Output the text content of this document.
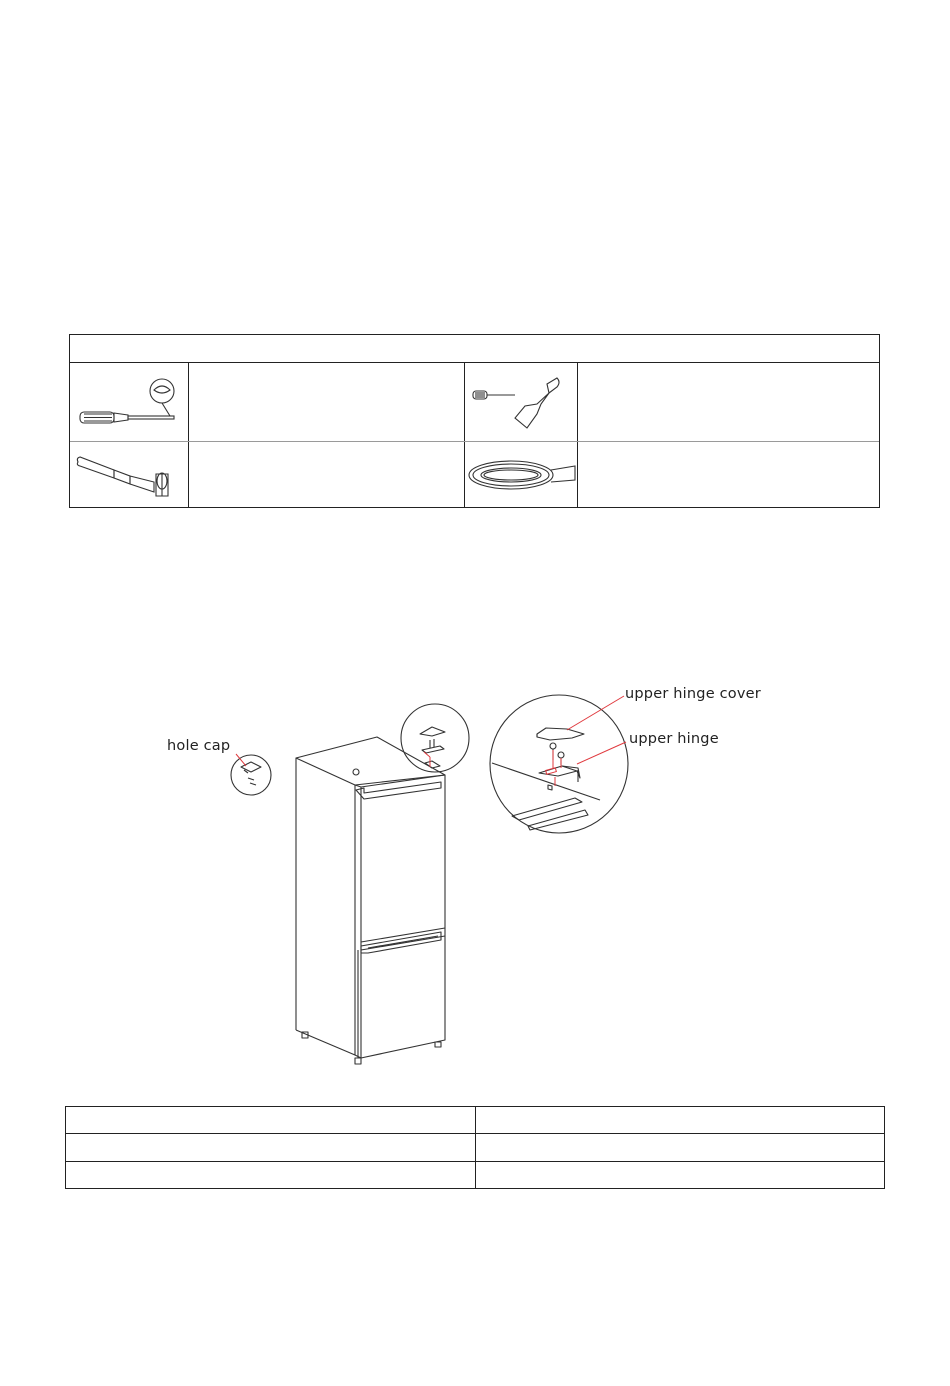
upper hinge cover
upper hinge
hole cap
